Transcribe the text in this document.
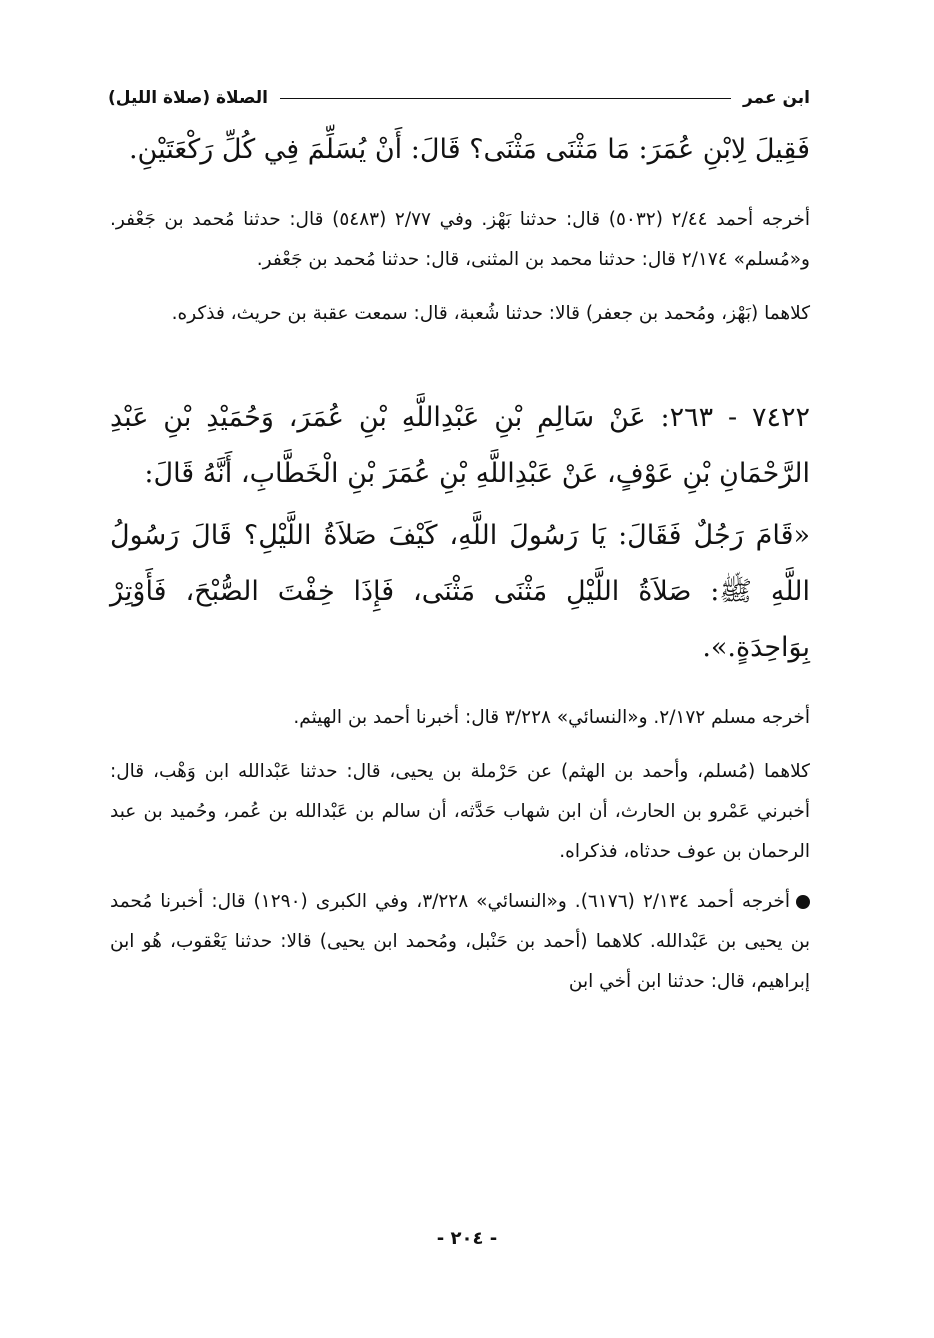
الصلاة (صلاة الليل)	ابن عمر

فَقِيلَ لِابْنِ عُمَرَ: مَا مَثْنَى مَثْنَى؟ قَالَ: أَنْ يُسَلِّمَ فِي كُلِّ رَكْعَتَيْنِ.

أخرجه أحمد ٢/٤٤ (٥٠٣٢) قال: حدثنا بَهْز. وفي ٢/٧٧ (٥٤٨٣) قال: حدثنا مُحمد بن جَعْفر. و«مُسلم» ٢/١٧٤ قال: حدثنا محمد بن المثنى، قال: حدثنا مُحمد بن جَعْفر.

كلاهما (بَهْز، ومُحمد بن جعفر) قالا: حدثنا شُعبة، قال: سمعت عقبة بن حريث، فذكره.

٧٤٢٢ - ٢٦٣: عَنْ سَالِمِ بْنِ عَبْدِاللَّهِ بْنِ عُمَرَ، وَحُمَيْدِ بْنِ عَبْدِ الرَّحْمَانِ بْنِ عَوْفٍ، عَنْ عَبْدِاللَّهِ بْنِ عُمَرَ بْنِ الْخَطَّابِ، أَنَّهُ قَالَ:

«قَامَ رَجُلٌ فَقَالَ: يَا رَسُولَ اللَّهِ، كَيْفَ صَلاَةُ اللَّيْلِ؟ قَالَ رَسُولُ اللَّهِ ﷺ: صَلاَةُ اللَّيْلِ مَثْنَى مَثْنَى، فَإِذَا خِفْتَ الصُّبْحَ، فَأَوْتِرْ بِوَاحِدَةٍ.».

أخرجه مسلم ٢/١٧٢. و«النسائي» ٣/٢٢٨ قال: أخبرنا أحمد بن الهيثم.

كلاهما (مُسلم، وأحمد بن الهثم) عن حَرْملة بن يحيى، قال: حدثنا عَبْدالله ابن وَهْب، قال: أخبرني عَمْرو بن الحارث، أن ابن شهاب حَدَّثه، أن سالم بن عَبْدالله بن عُمر، وحُميد بن عبد الرحمان بن عوف حدثاه، فذكراه.

أخرجه أحمد ٢/١٣٤ (٦١٧٦). و«النسائي» ٣/٢٢٨، وفي الكبرى (١٢٩٠) قال: أخبرنا مُحمد بن يحيى بن عَبْدالله. كلاهما (أحمد بن حَنْبل، ومُحمد ابن يحيى) قالا: حدثنا يَعْقوب، هُو ابن إبراهيم، قال: حدثنا ابن أخي ابن

- ٢٠٤ -
